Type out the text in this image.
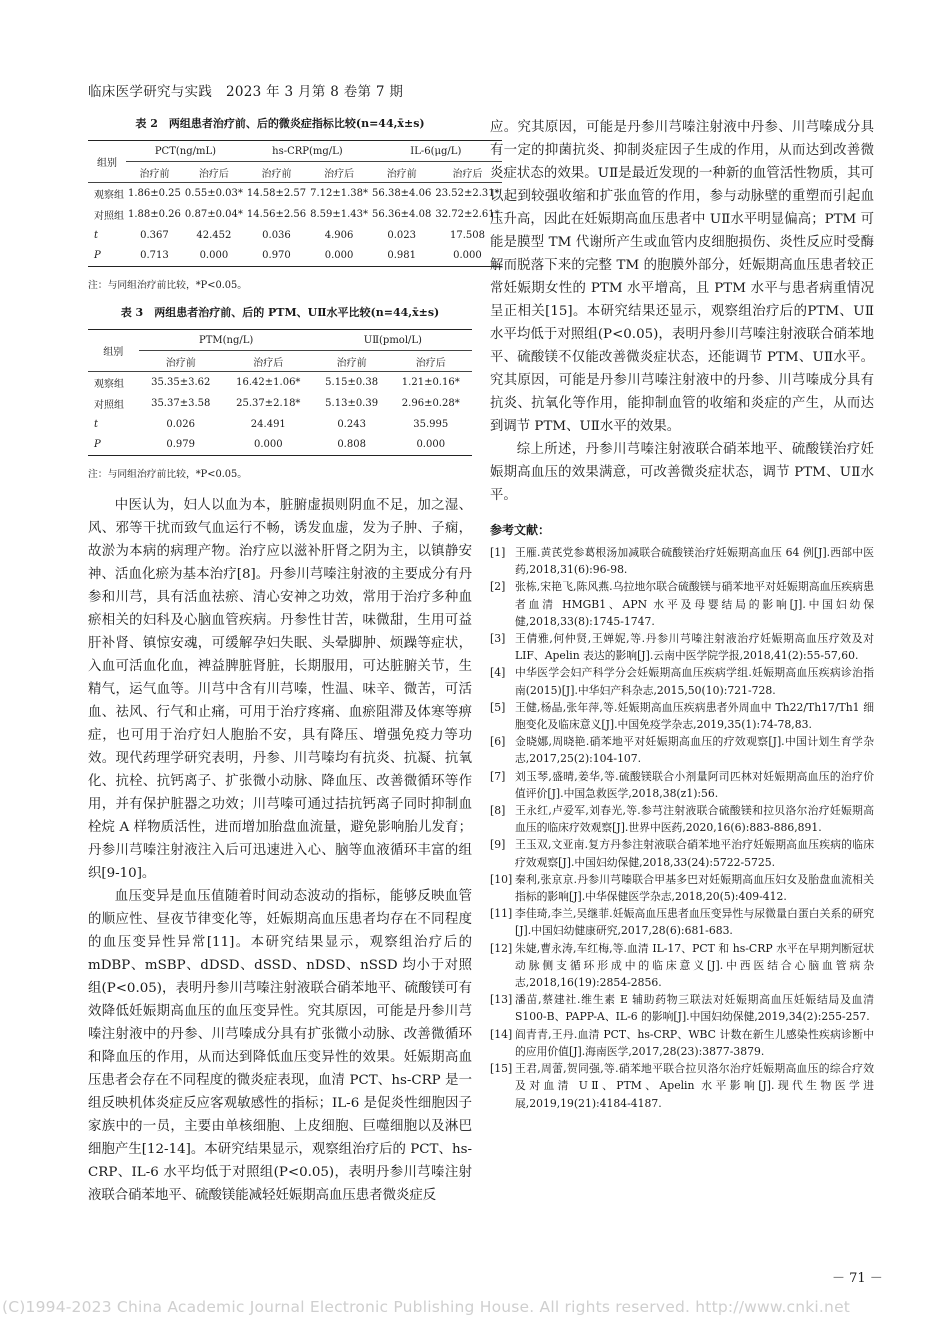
临床医学研究与实践　2023 年 3 月第 8 卷第 7 期
表 2　两组患者治疗前、后的微炎症指标比较(n=44,x̄±s)
组别	PCT(ng/mL)		hs-CRP(mg/L)		IL-6(μg/L)	
	治疗前	治疗后	治疗前	治疗后	治疗前	治疗后
观察组	1.86±0.25	0.55±0.03*	14.58±2.57	7.12±1.38*	56.38±4.06	23.52±2.31*
对照组	1.88±0.26	0.87±0.04*	14.56±2.56	8.59±1.43*	56.36±4.08	32.72±2.61*
t	0.367	42.452	0.036	4.906	0.023	17.508
P	0.713	0.000	0.970	0.000	0.981	0.000
注：与同组治疗前比较，*P<0.05。
表 3　两组患者治疗前、后的 PTM、UⅡ水平比较(n=44,x̄±s)
组别	PTM(ng/L)		UⅡ(pmol/L)	
	治疗前	治疗后	治疗前	治疗后
观察组	35.35±3.62	16.42±1.06*	5.15±0.38	1.21±0.16*
对照组	35.37±3.58	25.37±2.18*	5.13±0.39	2.96±0.28*
t	0.026	24.491	0.243	35.995
P	0.979	0.000	0.808	0.000
注：与同组治疗前比较，*P<0.05。

中医认为，妇人以血为本，脏腑虚损则阴血不足，加之湿、风、邪等干扰而致气血运行不畅，诱发血虚，发为子肿、子痫，故淤为本病的病理产物。治疗应以滋补肝肾之阴为主，以镇静安神、活血化瘀为基本治疗[8]。丹参川芎嗪注射液的主要成分有丹参和川芎，具有活血祛瘀、清心安神之功效，常用于治疗多种血瘀相关的妇科及心脑血管疾病。丹参性甘苦，味微甜，生用可益肝补肾、镇惊安魂，可缓解孕妇失眠、头晕脚肿、烦躁等症状，入血可活血化血，裨益脾脏肾脏，长期服用，可达脏腑关节，生精气，运气血等。川芎中含有川芎嗪，性温、味辛、微苦，可活血、祛风、行气和止痛，可用于治疗疼痛、血瘀阻滞及体寒等痹症，也可用于治疗妇人胞胎不安，具有降压、增强免疫力等功效。现代药理学研究表明，丹参、川芎嗪均有抗炎、抗凝、抗氧化、抗栓、抗钙离子、扩张微小动脉、降血压、改善微循环等作用，并有保护脏器之功效；川芎嗪可通过拮抗钙离子同时抑制血栓烷 A 样物质活性，进而增加胎盘血流量，避免影响胎儿发育；丹参川芎嗪注射液注入后可迅速进入心、脑等血液循环丰富的组织[9-10]。

血压变异是血压值随着时间动态波动的指标，能够反映血管的顺应性、昼夜节律变化等，妊娠期高血压患者均存在不同程度的血压变异性异常[11]。本研究结果显示，观察组治疗后的 mDBP、mSBP、dDSD、dSSD、nDSD、nSSD 均小于对照组(P<0.05)，表明丹参川芎嗪注射液联合硝苯地平、硫酸镁可有效降低妊娠期高血压的血压变异性。究其原因，可能是丹参川芎嗪注射液中的丹参、川芎嗪成分具有扩张微小动脉、改善微循环和降血压的作用，从而达到降低血压变异性的效果。妊娠期高血压患者会存在不同程度的微炎症表现，血清 PCT、hs-CRP 是一组反映机体炎症反应客观敏感性的指标；IL-6 是促炎性细胞因子家族中的一员，主要由单核细胞、上皮细胞、巨噬细胞以及淋巴细胞产生[12-14]。本研究结果显示，观察组治疗后的 PCT、hs-CRP、IL-6 水平均低于对照组(P<0.05)，表明丹参川芎嗪注射液联合硝苯地平、硫酸镁能减轻妊娠期高血压患者微炎症反

应。究其原因，可能是丹参川芎嗪注射液中丹参、川芎嗪成分具有一定的抑菌抗炎、抑制炎症因子生成的作用，从而达到改善微炎症状态的效果。UⅡ是最近发现的一种新的血管活性物质，其可以起到较强收缩和扩张血管的作用，参与动脉壁的重塑而引起血压升高，因此在妊娠期高血压患者中 UⅡ水平明显偏高；PTM 可能是膜型 TM 代谢所产生或血管内皮细胞损伤、炎性反应时受酶解而脱落下来的完整 TM 的胞膜外部分，妊娠期高血压患者较正常妊娠期女性的 PTM 水平增高，且 PTM 水平与患者病重情况呈正相关[15]。本研究结果还显示，观察组治疗后的PTM、UⅡ水平均低于对照组(P<0.05)，表明丹参川芎嗪注射液联合硝苯地平、硫酸镁不仅能改善微炎症状态，还能调节 PTM、UⅡ水平。究其原因，可能是丹参川芎嗪注射液中的丹参、川芎嗪成分具有抗炎、抗氧化等作用，能抑制血管的收缩和炎症的产生，从而达到调节 PTM、UⅡ水平的效果。

综上所述，丹参川芎嗪注射液联合硝苯地平、硫酸镁治疗妊娠期高血压的效果满意，可改善微炎症状态，调节 PTM、UⅡ水平。

参考文献：
[1] 王雁.黄芪党参葛根汤加减联合硫酸镁治疗妊娠期高血压 64 例[J].西部中医药,2018,31(6):96-98.
[2] 张栋,宋艳飞,陈风燕.乌拉地尔联合硫酸镁与硝苯地平对妊娠期高血压疾病患者血清 HMGB1、APN 水平及母婴结局的影响[J].中国妇幼保健,2018,33(8):1745-1747.
[3] 王倩雅,何仲贤,王婵妮,等.丹参川芎嗪注射液治疗妊娠期高血压疗效及对 LIF、Apelin 表达的影响[J].云南中医学院学报,2018,41(2):55-57,60.
[4] 中华医学会妇产科学分会妊娠期高血压疾病学组.妊娠期高血压疾病诊治指南(2015)[J].中华妇产科杂志,2015,50(10):721-728.
[5] 王健,杨晶,张年萍,等.妊娠期高血压疾病患者外周血中 Th22/Th17/Th1 细胞变化及临床意义[J].中国免疫学杂志,2019,35(1):74-78,83.
[6] 金晓娜,周晓艳.硝苯地平对妊娠期高血压的疗效观察[J].中国计划生育学杂志,2017,25(2):104-107.
[7] 刘玉琴,盛晴,姜华,等.硫酸镁联合小剂量阿司匹林对妊娠期高血压的治疗价值评价[J].中国急救医学,2018,38(z1):56.
[8] 王永红,卢爱军,刘春光,等.参芎注射液联合硫酸镁和拉贝洛尔治疗妊娠期高血压的临床疗效观察[J].世界中医药,2020,16(6):883-886,891.
[9] 王玉双,文亚南.复方丹参注射液联合硝苯地平治疗妊娠期高血压疾病的临床疗效观察[J].中国妇幼保健,2018,33(24):5722-5725.
[10] 秦利,张京京.丹参川芎嗪联合甲基多巴对妊娠期高血压妇女及胎盘血流相关指标的影响[J].中华保健医学杂志,2018,20(5):409-412.
[11] 李佳琦,李兰,吴继菲.妊娠高血压患者血压变异性与尿微量白蛋白关系的研究[J].中国妇幼健康研究,2017,28(6):681-683.
[12] 朱婕,曹永涛,车红梅,等.血清 IL-17、PCT 和 hs-CRP 水平在早期判断冠状动脉侧支循环形成中的临床意义[J].中西医结合心脑血管病杂志,2018,16(19):2854-2856.
[13] 潘苗,蔡建社.维生素 E 辅助药物三联法对妊娠期高血压妊娠结局及血清 S100-B、PAPP-A、IL-6 的影响[J].中国妇幼保健,2019,34(2):255-257.
[14] 阎青青,王丹.血清 PCT、hs-CRP、WBC 计数在新生儿感染性疾病诊断中的应用价值[J].海南医学,2017,28(23):3877-3879.
[15] 王君,周蕾,贺同强,等.硝苯地平联合拉贝洛尔治疗妊娠期高血压的综合疗效及对血清 UⅡ、PTM、Apelin 水平影响[J].现代生物医学进展,2019,19(21):4184-4187.
－ 71 －
(C)1994-2023 China Academic Journal Electronic Publishing House. All rights reserved. http://www.cnki.net
